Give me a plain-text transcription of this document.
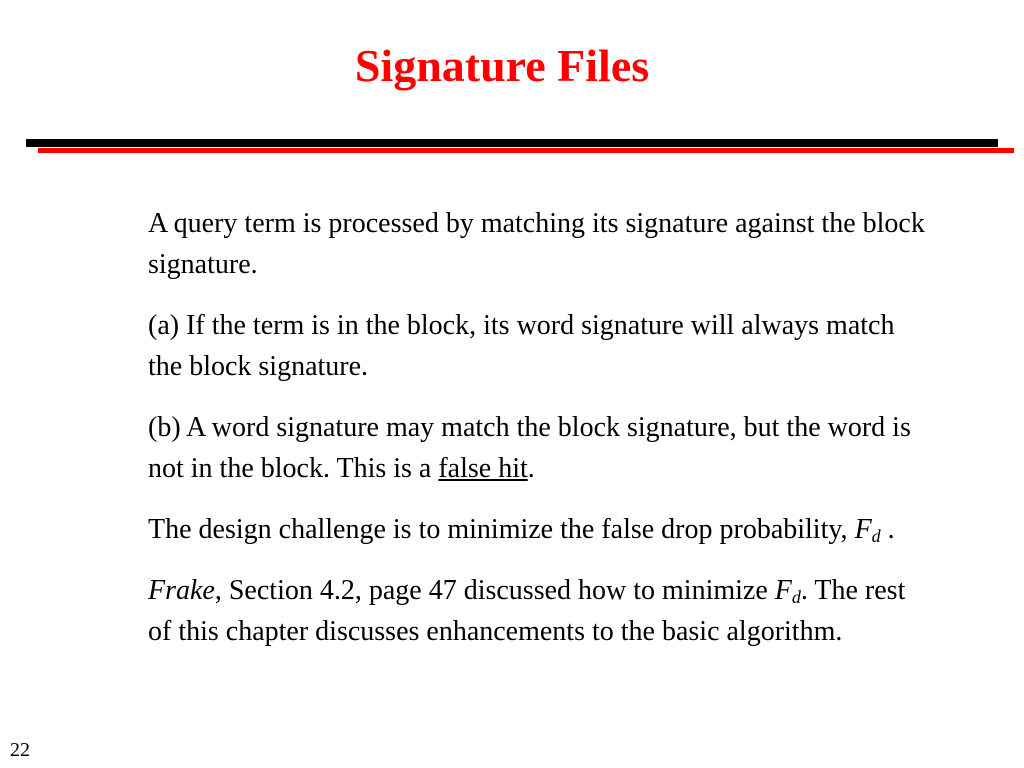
Signature Files

A query term is processed by matching its signature against the block signature.

(a) If the term is in the block, its word signature will always match the block signature.

(b) A word signature may match the block signature, but the word is not in the block. This is a false hit.

The design challenge is to minimize the false drop probability, $F_d$ .

Frake, Section 4.2, page 47 discussed how to minimize $F_d$. The rest of this chapter discusses enhancements to the basic algorithm.

22
